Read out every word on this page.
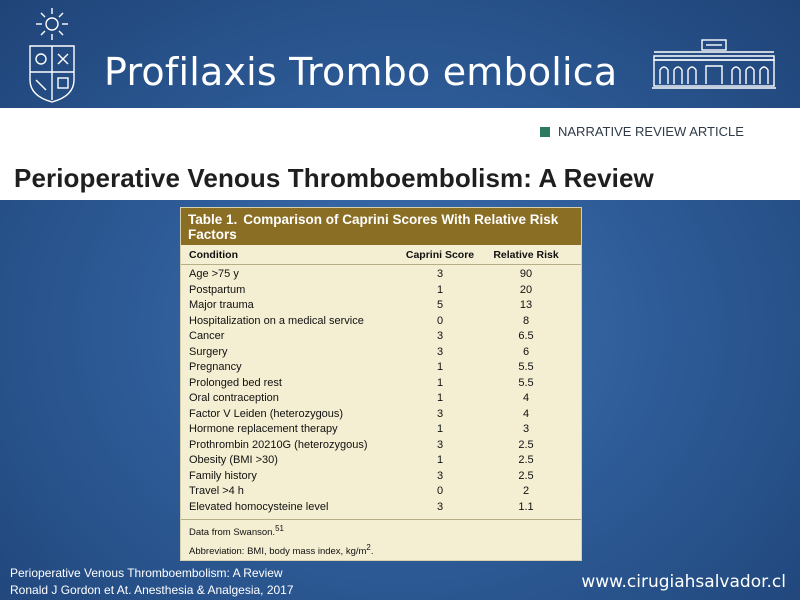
Profilaxis Trombo embolica
NARRATIVE REVIEW ARTICLE
Perioperative Venous Thromboembolism: A Review
Table 1. Comparison of Caprini Scores With Relative Risk Factors
Condition	Caprini Score	Relative Risk
Age >75 y	3	90
Postpartum	1	20
Major trauma	5	13
Hospitalization on a medical service	0	8
Cancer	3	6.5
Surgery	3	6
Pregnancy	1	5.5
Prolonged bed rest	1	5.5
Oral contraception	1	4
Factor V Leiden (heterozygous)	3	4
Hormone replacement therapy	1	3
Prothrombin 20210G (heterozygous)	3	2.5
Obesity (BMI >30)	1	2.5
Family history	3	2.5
Travel >4 h	0	2
Elevated homocysteine level	3	1.1
Data from Swanson.$^{51}$
Abbreviation: BMI, body mass index, $kg/m^2$.
Perioperative Venous Thromboembolism: A Review
Ronald J Gordon et At. Anesthesia & Analgesia, 2017	www.cirugiahsalvador.cl
